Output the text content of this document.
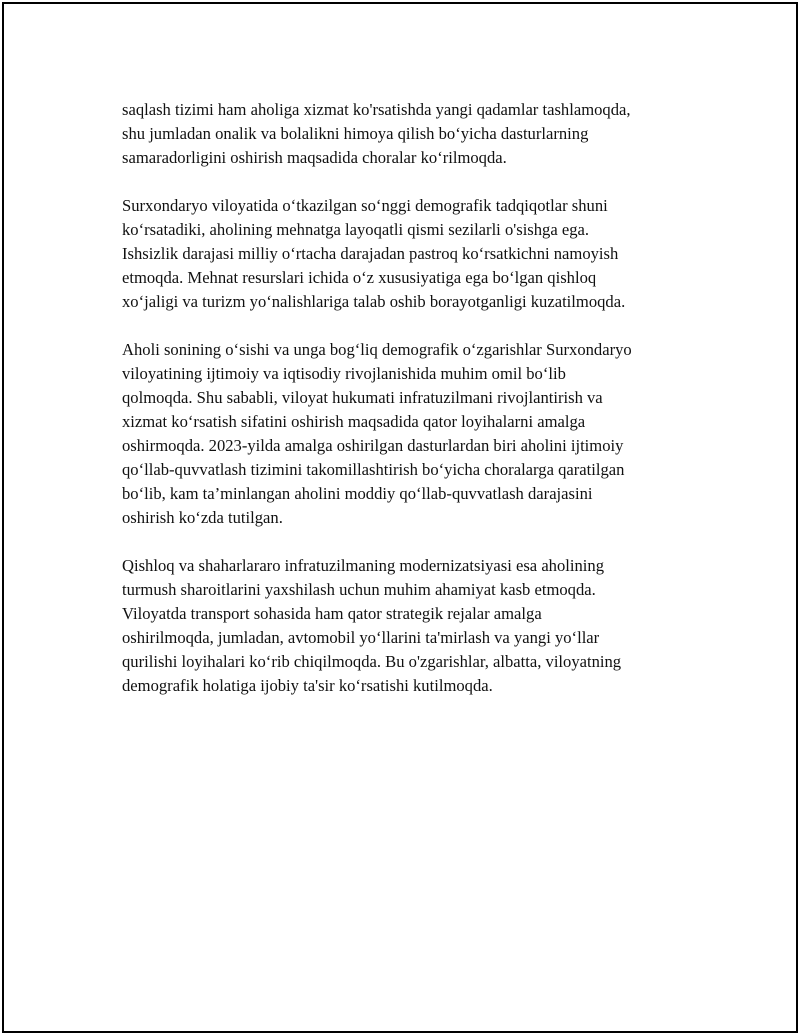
saqlash tizimi ham aholiga xizmat ko'rsatishda yangi qadamlar tashlamoqda,
shu jumladan onalik va bolalikni himoya qilish bo‘yicha dasturlarning
samaradorligini oshirish maqsadida choralar ko‘rilmoqda.

Surxondaryo viloyatida o‘tkazilgan so‘nggi demografik tadqiqotlar shuni
ko‘rsatadiki, aholining mehnatga layoqatli qismi sezilarli o'sishga ega.
Ishsizlik darajasi milliy o‘rtacha darajadan pastroq ko‘rsatkichni namoyish
etmoqda. Mehnat resurslari ichida o‘z xususiyatiga ega bo‘lgan qishloq
xo‘jaligi va turizm yo‘nalishlariga talab oshib borayotganligi kuzatilmoqda.

Aholi sonining o‘sishi va unga bog‘liq demografik o‘zgarishlar Surxondaryo
viloyatining ijtimoiy va iqtisodiy rivojlanishida muhim omil bo‘lib
qolmoqda. Shu sababli, viloyat hukumati infratuzilmani rivojlantirish va
xizmat ko‘rsatish sifatini oshirish maqsadida qator loyihalarni amalga
oshirmoqda. 2023-yilda amalga oshirilgan dasturlardan biri aholini ijtimoiy
qo‘llab-quvvatlash tizimini takomillashtirish bo‘yicha choralarga qaratilgan
bo‘lib, kam ta’minlangan aholini moddiy qo‘llab-quvvatlash darajasini
oshirish ko‘zda tutilgan.

Qishloq va shaharlararo infratuzilmaning modernizatsiyasi esa aholining
turmush sharoitlarini yaxshilash uchun muhim ahamiyat kasb etmoqda.
Viloyatda transport sohasida ham qator strategik rejalar amalga
oshirilmoqda, jumladan, avtomobil yo‘llarini ta'mirlash va yangi yo‘llar
qurilishi loyihalari ko‘rib chiqilmoqda. Bu o'zgarishlar, albatta, viloyatning
demografik holatiga ijobiy ta'sir ko‘rsatishi kutilmoqda.
